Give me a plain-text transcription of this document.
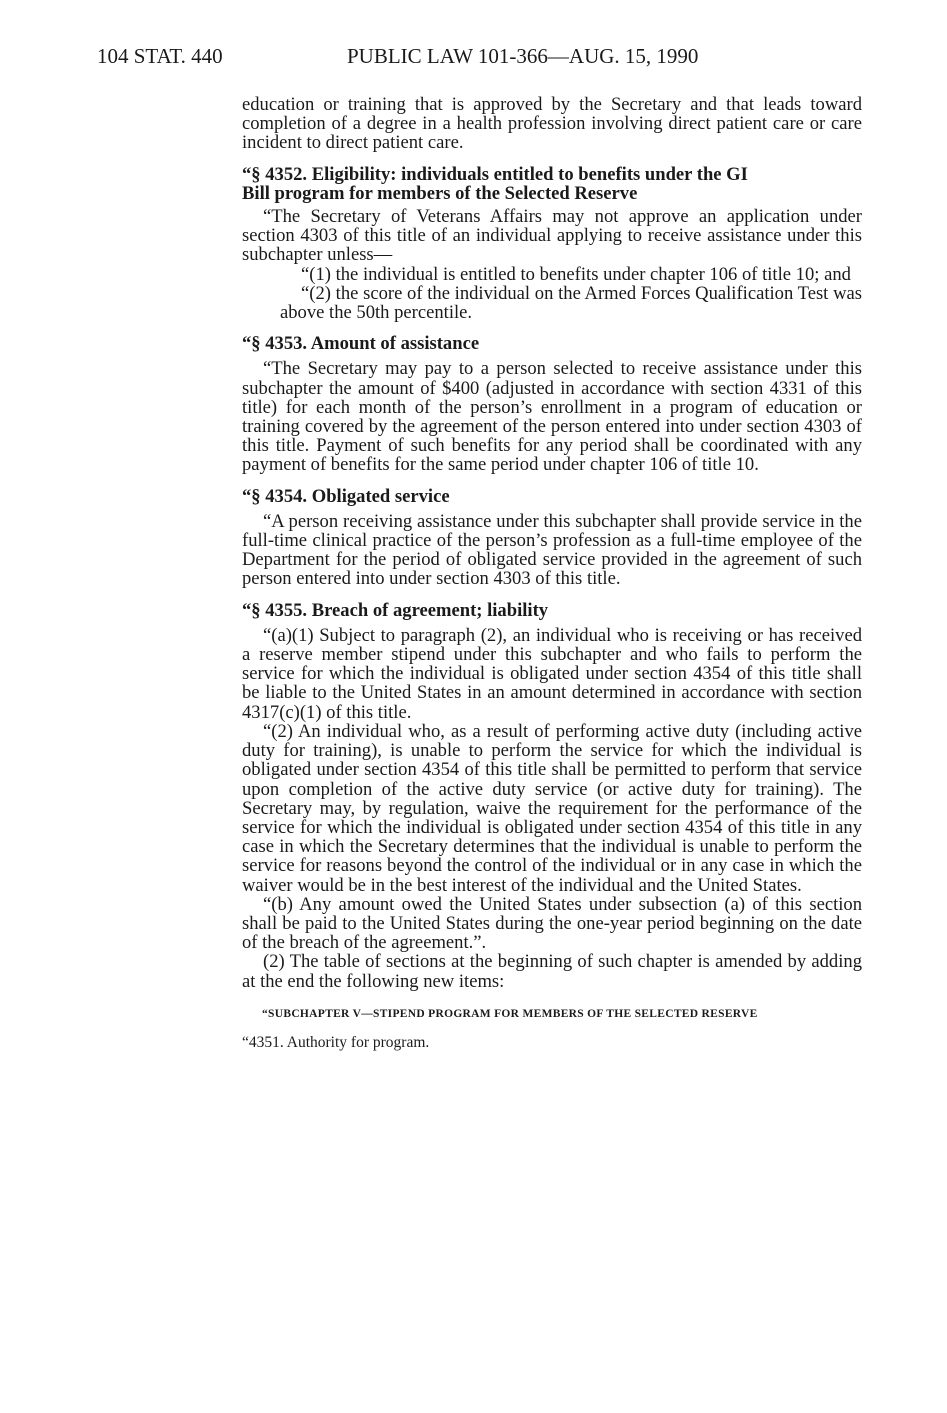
104 STAT. 440	PUBLIC LAW 101-366—AUG. 15, 1990

education or training that is approved by the Secretary and that leads toward completion of a degree in a health profession involving direct patient care or care incident to direct patient care.

“§ 4352. Eligibility: individuals entitled to benefits under the GI
Bill program for members of the Selected Reserve

“The Secretary of Veterans Affairs may not approve an application under section 4303 of this title of an individual applying to receive assistance under this subchapter unless—

“(1) the individual is entitled to benefits under chapter 106 of title 10; and

“(2) the score of the individual on the Armed Forces Qualification Test was above the 50th percentile.

“§ 4353. Amount of assistance

“The Secretary may pay to a person selected to receive assistance under this subchapter the amount of $400 (adjusted in accordance with section 4331 of this title) for each month of the person’s enrollment in a program of education or training covered by the agreement of the person entered into under section 4303 of this title. Payment of such benefits for any period shall be coordinated with any payment of benefits for the same period under chapter 106 of title 10.

“§ 4354. Obligated service

“A person receiving assistance under this subchapter shall provide service in the full-time clinical practice of the person’s profession as a full-time employee of the Department for the period of obligated service provided in the agreement of such person entered into under section 4303 of this title.

“§ 4355. Breach of agreement; liability

“(a)(1) Subject to paragraph (2), an individual who is receiving or has received a reserve member stipend under this subchapter and who fails to perform the service for which the individual is obligated under section 4354 of this title shall be liable to the United States in an amount determined in accordance with section 4317(c)(1) of this title.

“(2) An individual who, as a result of performing active duty (including active duty for training), is unable to perform the service for which the individual is obligated under section 4354 of this title shall be permitted to perform that service upon completion of the active duty service (or active duty for training). The Secretary may, by regulation, waive the requirement for the performance of the service for which the individual is obligated under section 4354 of this title in any case in which the Secretary determines that the individual is unable to perform the service for reasons beyond the control of the individual or in any case in which the waiver would be in the best interest of the individual and the United States.

“(b) Any amount owed the United States under subsection (a) of this section shall be paid to the United States during the one-year period beginning on the date of the breach of the agreement.”.

(2) The table of sections at the beginning of such chapter is amended by adding at the end the following new items:

“SUBCHAPTER V—STIPEND PROGRAM FOR MEMBERS OF THE SELECTED RESERVE

“4351. Authority for program.
